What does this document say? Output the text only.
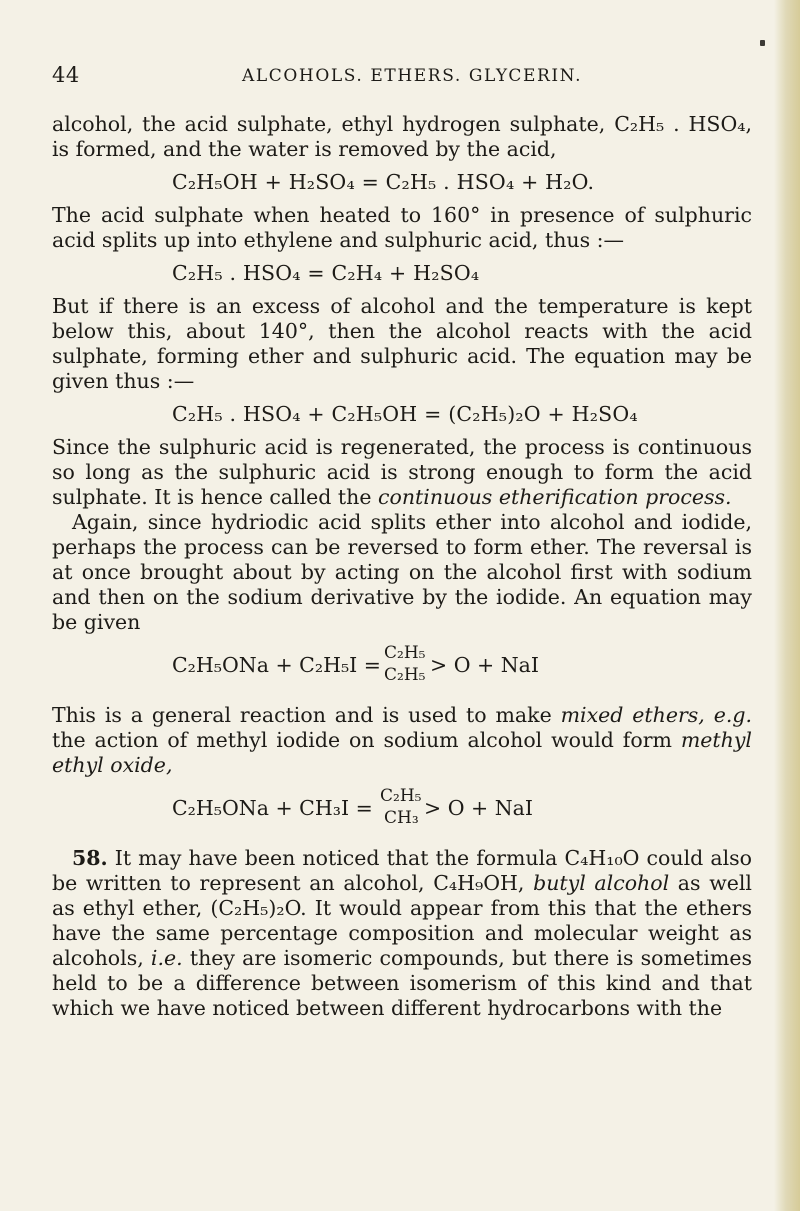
44	ALCOHOLS. ETHERS. GLYCERIN.

alcohol, the acid sulphate, ethyl hydrogen sulphate, C₂H₅ . HSO₄, is formed, and the water is removed by the acid,

C₂H₅OH + H₂SO₄ = C₂H₅ . HSO₄ + H₂O.

The acid sulphate when heated to 160° in presence of sulphuric acid splits up into ethylene and sulphuric acid, thus :—

C₂H₅ . HSO₄ = C₂H₄ + H₂SO₄

But if there is an excess of alcohol and the temperature is kept below this, about 140°, then the alcohol reacts with the acid sulphate, forming ether and sulphuric acid. The equation may be given thus :—

C₂H₅ . HSO₄ + C₂H₅OH = (C₂H₅)₂O + H₂SO₄

Since the sulphuric acid is regenerated, the process is continuous so long as the sulphuric acid is strong enough to form the acid sulphate. It is hence called the continuous etherification process.

Again, since hydriodic acid splits ether into alcohol and iodide, perhaps the process can be reversed to form ether. The reversal is at once brought about by acting on the alcohol first with sodium and then on the sodium derivative by the iodide. An equation may be given

C₂H₅ONa + C₂H₅I = C₂H₅
C₂H₅ > O + NaI

This is a general reaction and is used to make mixed ethers, e.g. the action of methyl iodide on sodium alcohol would form methyl ethyl oxide,

C₂H₅ONa + CH₃I = C₂H₅
CH₃ > O + NaI

58. It may have been noticed that the formula C₄H₁₀O could also be written to represent an alcohol, C₄H₉OH, butyl alcohol as well as ethyl ether, (C₂H₅)₂O. It would appear from this that the ethers have the same percentage composition and molecular weight as alcohols, i.e. they are isomeric compounds, but there is sometimes held to be a difference between isomerism of this kind and that which we have noticed between different hydrocarbons with the
